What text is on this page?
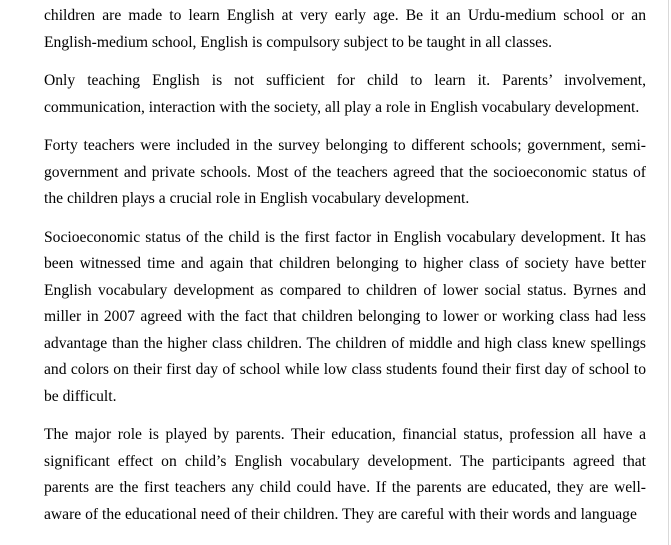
children are made to learn English at very early age. Be it an Urdu-medium school or an English-medium school, English is compulsory subject to be taught in all classes.

Only teaching English is not sufficient for child to learn it. Parents’ involvement, communication, interaction with the society, all play a role in English vocabulary development.

Forty teachers were included in the survey belonging to different schools; government, semi-government and private schools. Most of the teachers agreed that the socioeconomic status of the children plays a crucial role in English vocabulary development.

Socioeconomic status of the child is the first factor in English vocabulary development. It has been witnessed time and again that children belonging to higher class of society have better English vocabulary development as compared to children of lower social status. Byrnes and miller in 2007 agreed with the fact that children belonging to lower or working class had less advantage than the higher class children. The children of middle and high class knew spellings and colors on their first day of school while low class students found their first day of school to be difficult.

The major role is played by parents. Their education, financial status, profession all have a significant effect on child’s English vocabulary development. The participants agreed that parents are the first teachers any child could have. If the parents are educated, they are well-aware of the educational need of their children. They are careful with their words and language
